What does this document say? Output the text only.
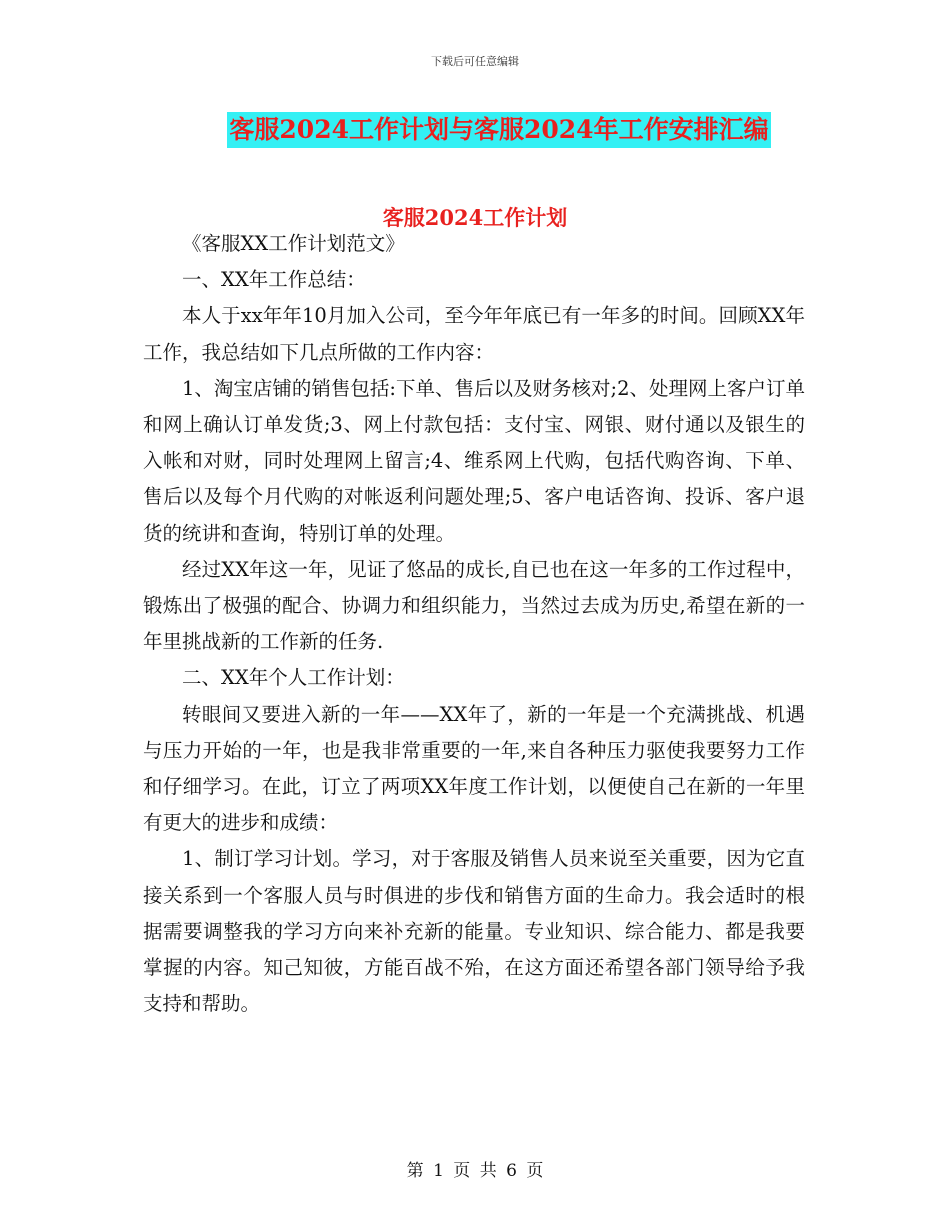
下载后可任意编辑
客服2024工作计划与客服2024年工作安排汇编
客服2024工作计划

《客服XX工作计划范文》

一、XX年工作总结：

本人于xx年年10月加入公司，至今年年底已有一年多的时间。回顾XX年工作，我总结如下几点所做的工作内容：

1、淘宝店铺的销售包括:下单、售后以及财务核对;2、处理网上客户订单和网上确认订单发货;3、网上付款包括：支付宝、网银、财付通以及银生的入帐和对财，同时处理网上留言;4、维系网上代购，包括代购咨询、下单、售后以及每个月代购的对帐返利问题处理;5、客户电话咨询、投诉、客户退货的统讲和查询，特别订单的处理。

经过XX年这一年，见证了悠品的成长,自已也在这一年多的工作过程中，锻炼出了极强的配合、协调力和组织能力，当然过去成为历史,希望在新的一年里挑战新的工作新的任务.

二、XX年个人工作计划：

转眼间又要进入新的一年——XX年了，新的一年是一个充满挑战、机遇与压力开始的一年，也是我非常重要的一年,来自各种压力驱使我要努力工作和仔细学习。在此，订立了两项XX年度工作计划，以便使自己在新的一年里有更大的进步和成绩：

1、制订学习计划。学习，对于客服及销售人员来说至关重要，因为它直接关系到一个客服人员与时俱进的步伐和销售方面的生命力。我会适时的根据需要调整我的学习方向来补充新的能量。专业知识、综合能力、都是我要掌握的内容。知己知彼，方能百战不殆，在这方面还希望各部门领导给予我支持和帮助。

第 1 页 共 6 页
